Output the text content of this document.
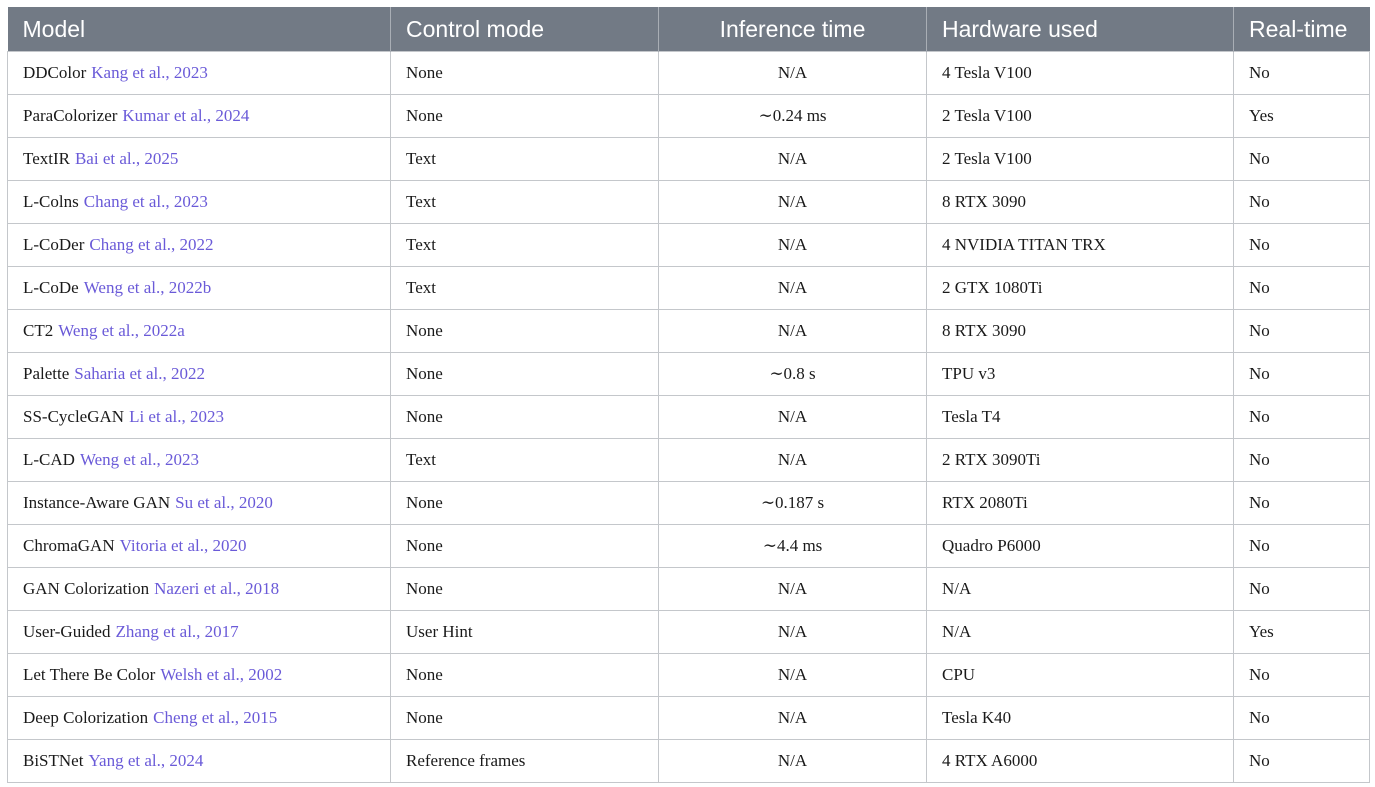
Model	Control mode	Inference time	Hardware used	Real-time
DDColor Kang et al., 2023	None	N/A	4 Tesla V100	No
ParaColorizer Kumar et al., 2024	None	∼0.24 ms	2 Tesla V100	Yes
TextIR Bai et al., 2025	Text	N/A	2 Tesla V100	No
L-Colns Chang et al., 2023	Text	N/A	8 RTX 3090	No
L-CoDer Chang et al., 2022	Text	N/A	4 NVIDIA TITAN TRX	No
L-CoDe Weng et al., 2022b	Text	N/A	2 GTX 1080Ti	No
CT2 Weng et al., 2022a	None	N/A	8 RTX 3090	No
Palette Saharia et al., 2022	None	∼0.8 s	TPU v3	No
SS-CycleGAN Li et al., 2023	None	N/A	Tesla T4	No
L-CAD Weng et al., 2023	Text	N/A	2 RTX 3090Ti	No
Instance-Aware GAN Su et al., 2020	None	∼0.187 s	RTX 2080Ti	No
ChromaGAN Vitoria et al., 2020	None	∼4.4 ms	Quadro P6000	No
GAN Colorization Nazeri et al., 2018	None	N/A	N/A	No
User-Guided Zhang et al., 2017	User Hint	N/A	N/A	Yes
Let There Be Color Welsh et al., 2002	None	N/A	CPU	No
Deep Colorization Cheng et al., 2015	None	N/A	Tesla K40	No
BiSTNet Yang et al., 2024	Reference frames	N/A	4 RTX A6000	No
